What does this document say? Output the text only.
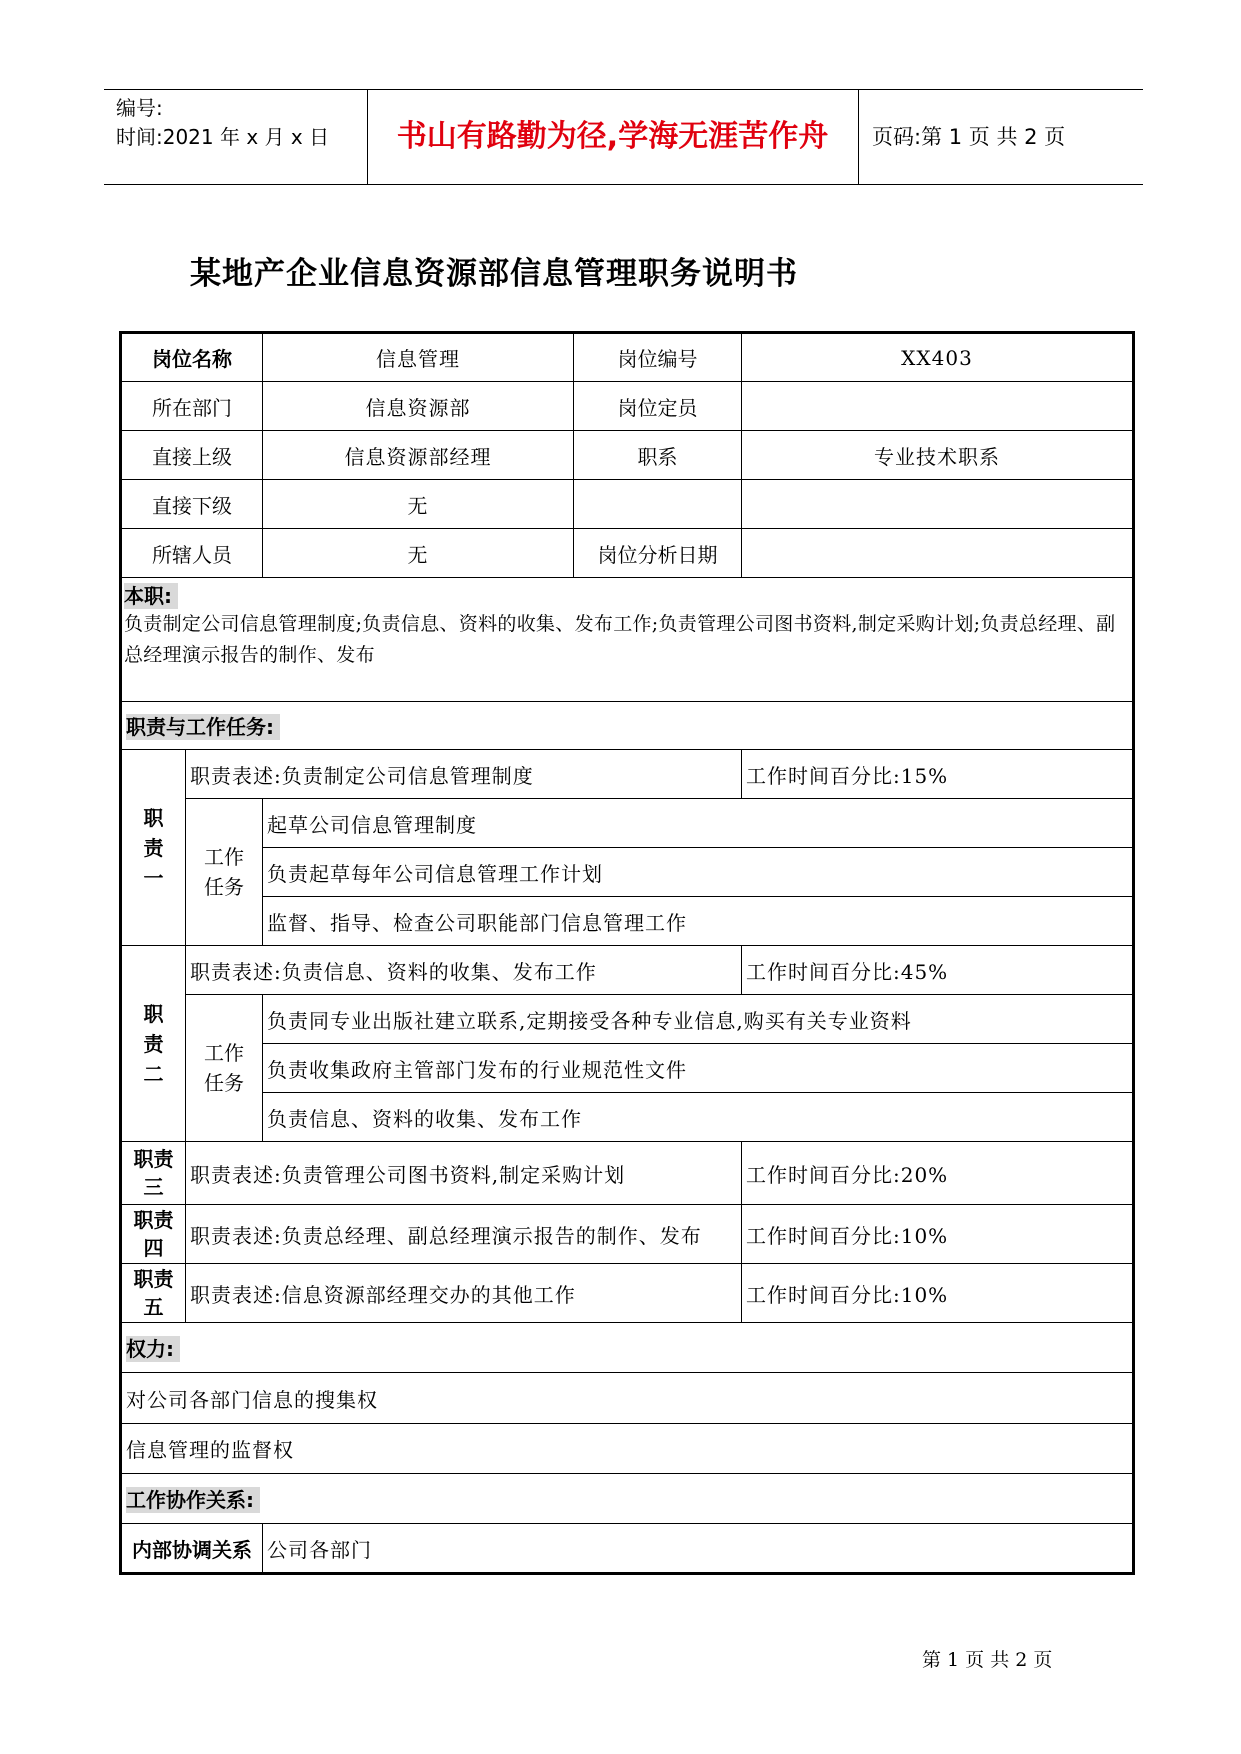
编号:
时间:2021 年 x 月 x 日	书山有路勤为径,学海无涯苦作舟	页码:第 1 页 共 2 页
某地产企业信息资源部信息管理职务说明书
岗位名称		信息管理	岗位编号	XX403
所在部门		信息资源部	岗位定员	
直接上级		信息资源部经理	职系	专业技术职系
直接下级		无		
所辖人员		无	岗位分析日期	
本职:
负责制定公司信息管理制度;负责信息、资料的收集、发布工作;负责管理公司图书资料,制定采购计划;负责总经理、副总经理演示报告的制作、发布				

职责与工作任务:				
职责一	职责表述:负责制定公司信息管理制度			工作时间百分比:15%
	工作任务	起草公司信息管理制度		
		负责起草每年公司信息管理工作计划		
		监督、指导、检查公司职能部门信息管理工作		
职责二	职责表述:负责信息、资料的收集、发布工作			工作时间百分比:45%
	工作任务	负责同专业出版社建立联系,定期接受各种专业信息,购买有关专业资料		
		负责收集政府主管部门发布的行业规范性文件		
		负责信息、资料的收集、发布工作		
职责三	职责表述:负责管理公司图书资料,制定采购计划			工作时间百分比:20%
职责四	职责表述:负责总经理、副总经理演示报告的制作、发布			工作时间百分比:10%
职责五	职责表述:信息资源部经理交办的其他工作			工作时间百分比:10%
权力:				
对公司各部门信息的搜集权				
信息管理的监督权				
工作协作关系:				
内部协调关系		公司各部门		
第 1 页 共 2 页
